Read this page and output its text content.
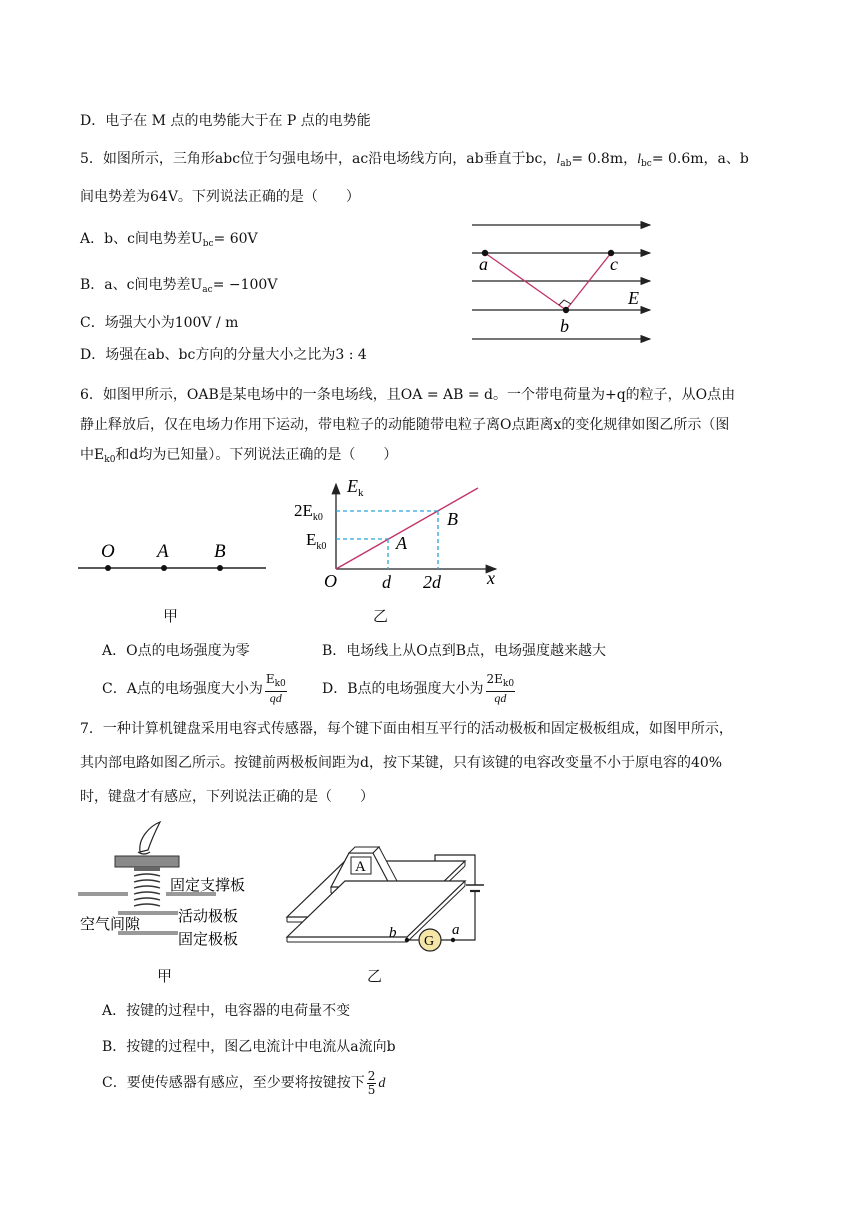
D．电子在 M 点的电势能大于在 P 点的电势能
5．如图所示，三角形abc位于匀强电场中，ac沿电场线方向，ab垂直于bc，$l_{ab}= 0.8m$，$l_{bc}= 0.6m$，a、b
间电势差为64V。下列说法正确的是（　　）
A．b、c间电势差$U_{bc}= 60V$
B．a、c间电势差$U_{ac}= -100V$
C．场强大小为100V / m
D．场强在ab、bc方向的分量大小之比为3 : 4
a	c
b
E
6．如图甲所示，OAB是某电场中的一条电场线，且OA = AB = d。一个带电荷量为+q的粒子，从O点由
静止释放后，仅在电场力作用下运动，带电粒子的动能随带电粒子离O点距离x的变化规律如图乙所示（图
中$E_{k0}$和d均为已知量）。下列说法正确的是（　　）
O A B
甲
$E_k$
$2E_{k0}$
$E_{k0}$
O	d 2d	x
A
B
乙
A．O点的电场强度为零	B．电场线上从O点到B点，电场强度越来越大
C．A点的电场强度大小为 $\frac{E_{k0}}{qd}$	D．B点的电场强度大小为 $\frac{2E_{k0}}{qd}$
7．一种计算机键盘采用电容式传感器，每个键下面由相互平行的活动极板和固定极板组成，如图甲所示，
其内部电路如图乙所示。按键前两极板间距为d，按下某键，只有该键的电容改变量不小于原电容的40%
时，键盘才有感应，下列说法正确的是（　　）
固定支撑板
空气间隙	活动极板
固定极板
甲
A
G
b	a
乙
A．按键的过程中，电容器的电荷量不变
B．按键的过程中，图乙电流计中电流从a流向b
C．要使传感器有感应，至少要将按键按下 $\frac{2}{5}$ d
